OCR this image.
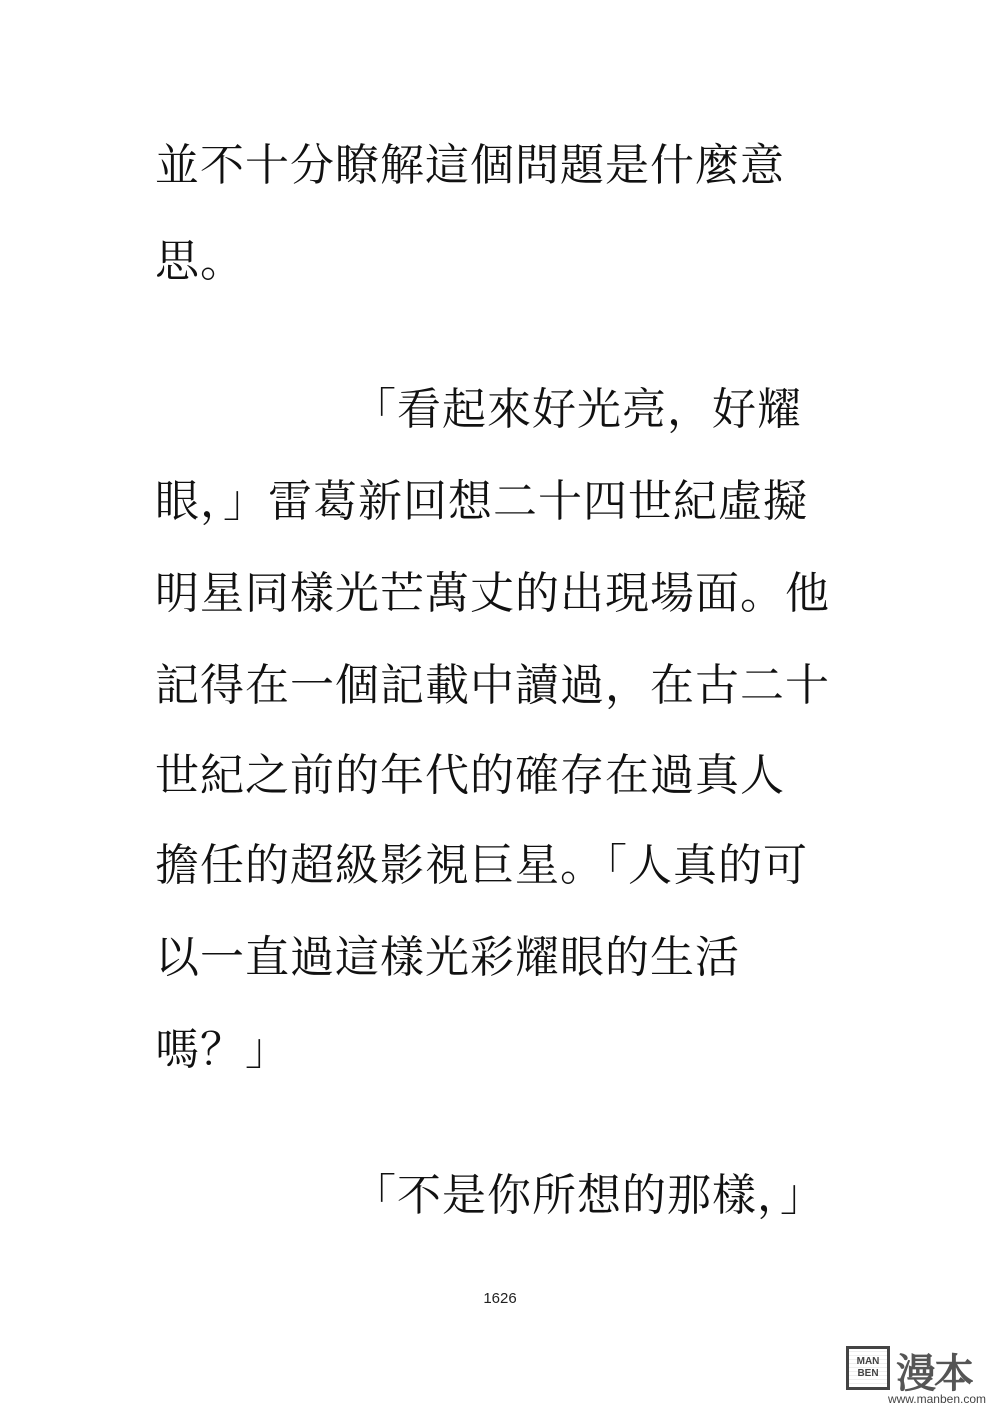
並不十分瞭解這個問題是什麼意
思。
「看起來好光亮，好耀
眼，」雷葛新回想二十四世紀虛擬
明星同樣光芒萬丈的出現場面。他
記得在一個記載中讀過，在古二十
世紀之前的年代的確存在過真人
擔任的超級影視巨星。「人真的可
以一直過這樣光彩耀眼的生活
嗎？」
「不是你所想的那樣，」
1626
MAN
BEN 漫本
www.manben.com
